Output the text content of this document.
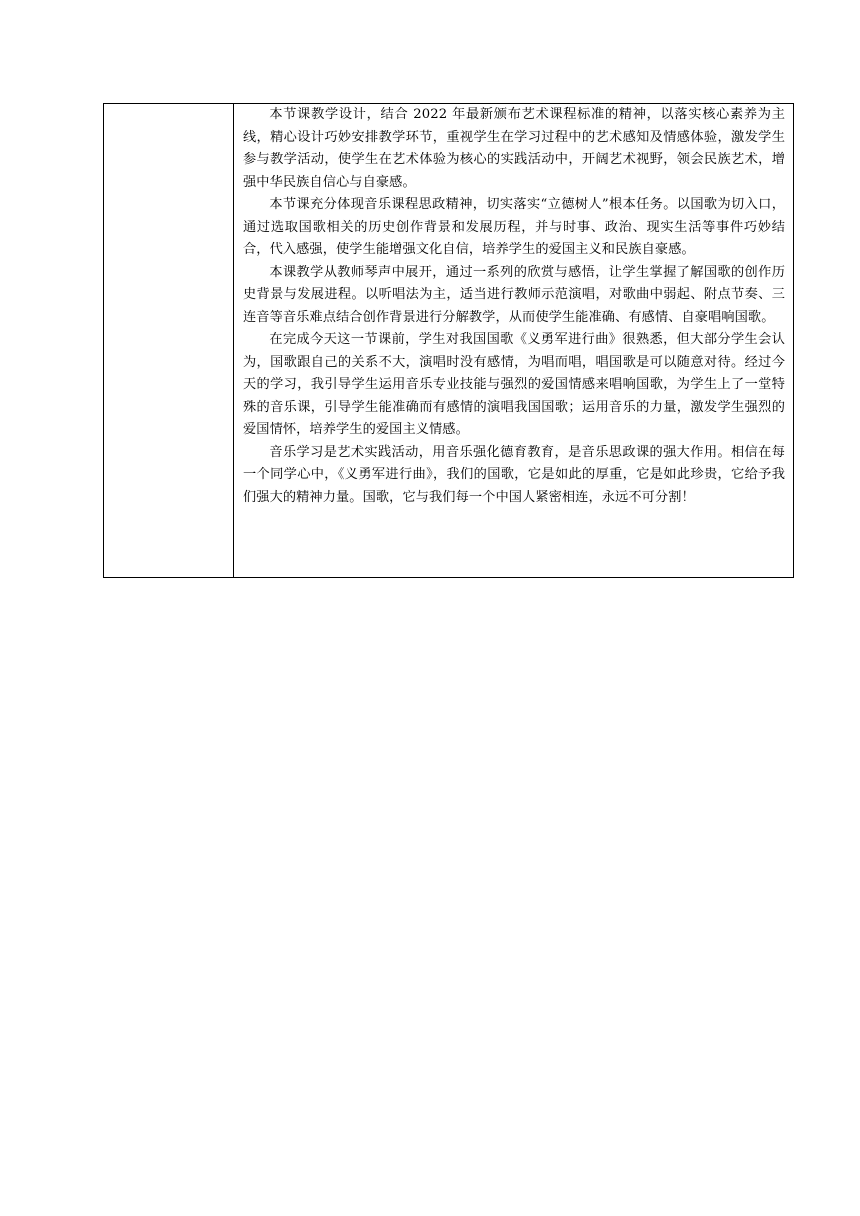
本节课教学设计，结合 2022 年最新颁布艺术课程标准的精神，以落实核心素养为主线，精心设计巧妙安排教学环节，重视学生在学习过程中的艺术感知及情感体验，激发学生参与教学活动，使学生在艺术体验为核心的实践活动中，开阔艺术视野，领会民族艺术，增强中华民族自信心与自豪感。

本节课充分体现音乐课程思政精神，切实落实“立德树人”根本任务。以国歌为切入口，通过选取国歌相关的历史创作背景和发展历程，并与时事、政治、现实生活等事件巧妙结合，代入感强，使学生能增强文化自信，培养学生的爱国主义和民族自豪感。

本课教学从教师琴声中展开，通过一系列的欣赏与感悟，让学生掌握了解国歌的创作历史背景与发展进程。以听唱法为主，适当进行教师示范演唱，对歌曲中弱起、附点节奏、三连音等音乐难点结合创作背景进行分解教学，从而使学生能准确、有感情、自豪唱响国歌。

在完成今天这一节课前，学生对我国国歌《义勇军进行曲》很熟悉，但大部分学生会认为，国歌跟自己的关系不大，演唱时没有感情，为唱而唱，唱国歌是可以随意对待。经过今天的学习，我引导学生运用音乐专业技能与强烈的爱国情感来唱响国歌，为学生上了一堂特殊的音乐课，引导学生能准确而有感情的演唱我国国歌；运用音乐的力量，激发学生强烈的爱国情怀，培养学生的爱国主义情感。

音乐学习是艺术实践活动，用音乐强化德育教育，是音乐思政课的强大作用。相信在每一个同学心中，《义勇军进行曲》，我们的国歌，它是如此的厚重，它是如此珍贵，它给予我们强大的精神力量。国歌，它与我们每一个中国人紧密相连，永远不可分割！
